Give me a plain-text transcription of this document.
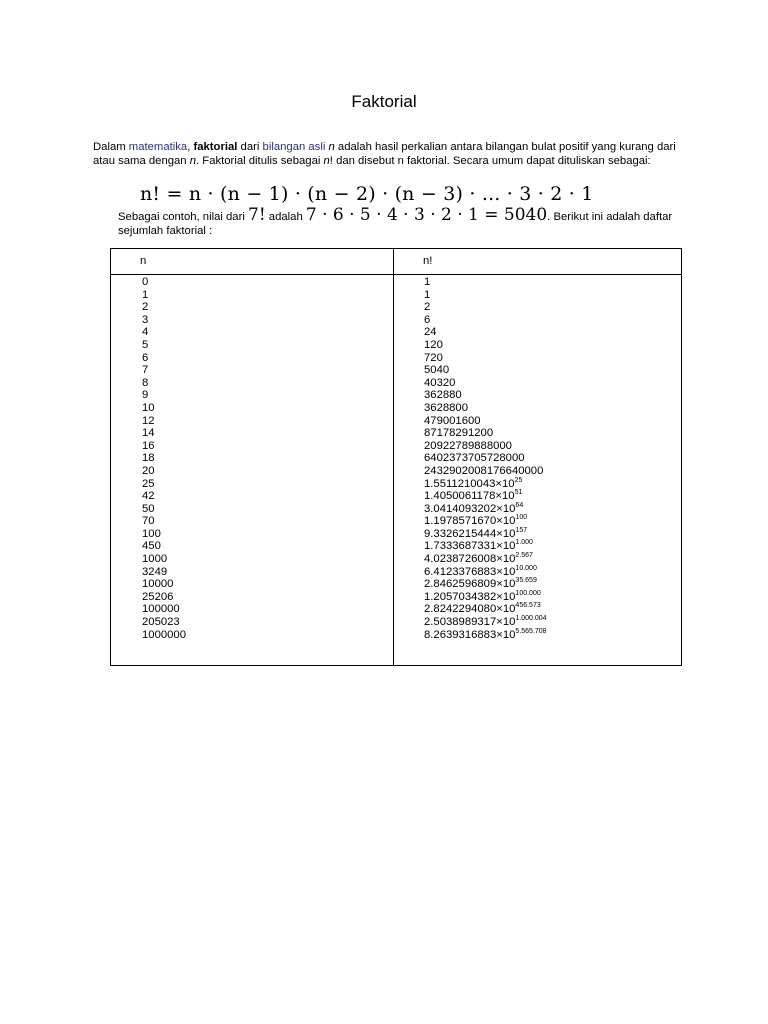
Faktorial
Dalam matematika, faktorial dari bilangan asli n adalah hasil perkalian antara bilangan bulat positif yang kurang dari atau sama dengan n. Faktorial ditulis sebagai n! dan disebut n faktorial. Secara umum dapat dituliskan sebagai:
n! = n · (n − 1) · (n − 2) · (n − 3) · ... · 3 · 2 · 1
Sebagai contoh, nilai dari 7! adalah 7 · 6 · 5 · 4 · 3 · 2 · 1 = 5040. Berikut ini adalah daftar sejumlah faktorial :
n	n!
0
1
2
3
4
5
6
7
8
9
10
12
14
16
18
20
25
42
50
70
100
450
1000
3249
10000
25206
100000
205023
1000000
1
1
2
6
24
120
720
5040
40320
362880
3628800
479001600
87178291200
20922789888000
6402373705728000
2432902008176640000
$1.5511210043\times 10^{25}$
$1.4050061178\times 10^{51}$
$3.0414093202\times 10^{64}$
$1.1978571670\times 10^{100}$
$9.3326215444\times 10^{157}$
$1.7333687331\times 10^{1.000}$
$4.0238726008\times 10^{2.567}$
$6.4123376883\times 10^{10.000}$
$2.8462596809\times 10^{35.659}$
$1.2057034382\times 10^{100.000}$
$2.8242294080\times 10^{456.573}$
$2.5038989317\times 10^{1.000.004}$
$8.2639316883\times 10^{5.565.708}$
